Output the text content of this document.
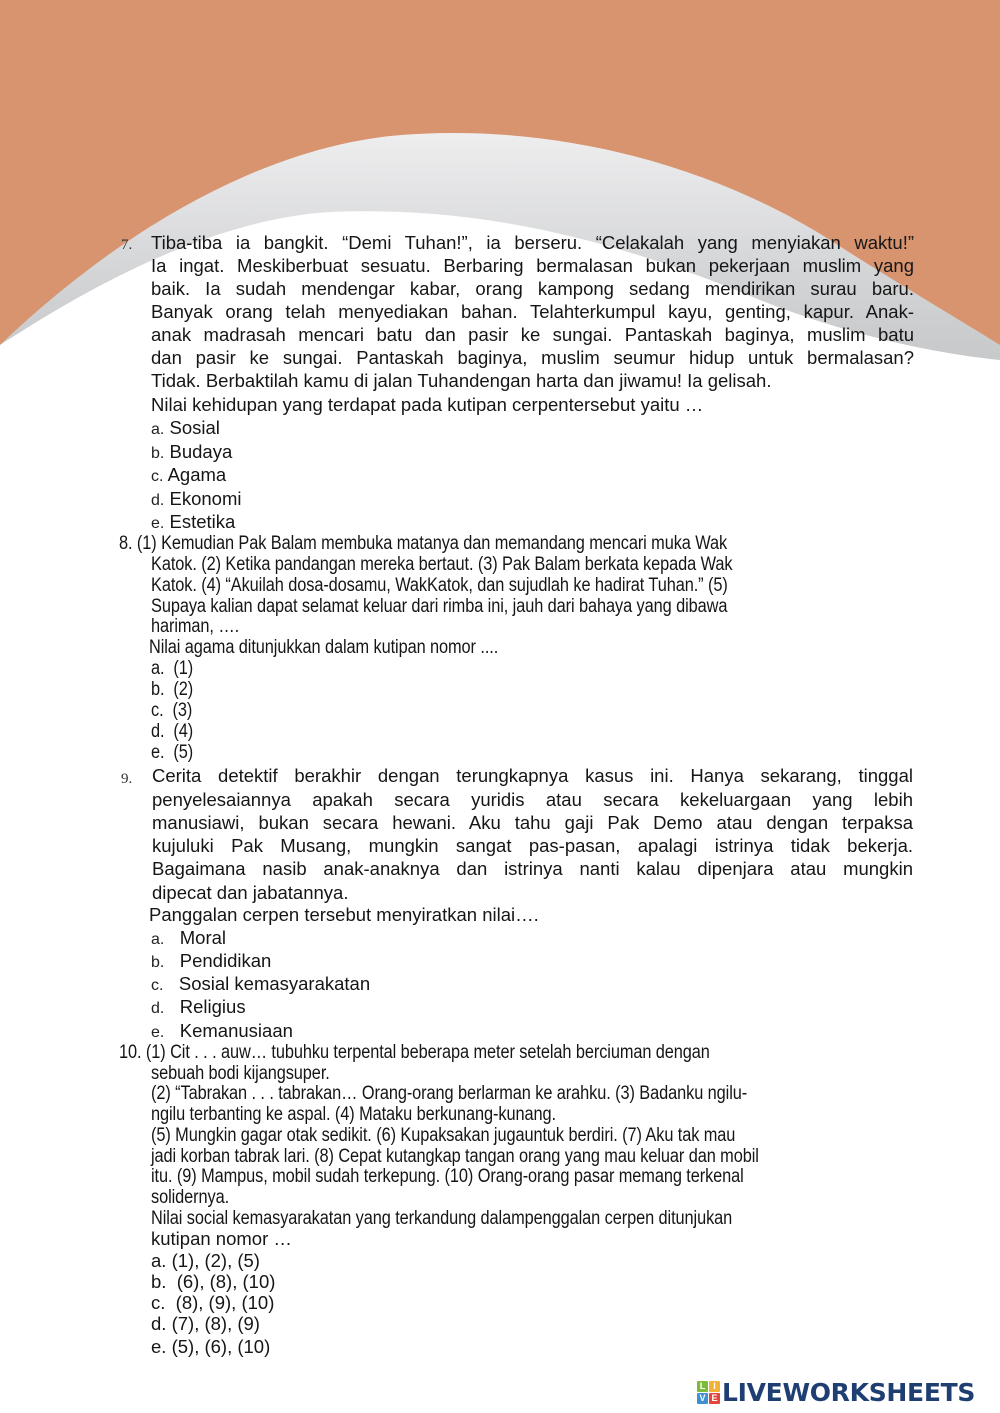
7. Tiba-tiba ia bangkit. “Demi Tuhan!”, ia berseru. “Celakalah yang menyiakan waktu!”
Ia ingat. Meskiberbuat sesuatu. Berbaring bermalasan bukan pekerjaan muslim yang
baik. Ia sudah mendengar kabar, orang kampong sedang mendirikan surau baru.
Banyak orang telah menyediakan bahan. Telahterkumpul kayu, genting, kapur. Anak-
anak madrasah mencari batu dan pasir ke sungai. Pantaskah baginya, muslim batu
dan pasir ke sungai. Pantaskah baginya, muslim seumur hidup untuk bermalasan?
Tidak. Berbaktilah kamu di jalan Tuhandengan harta dan jiwamu! Ia gelisah.
Nilai kehidupan yang terdapat pada kutipan cerpentersebut yaitu …
a. Sosial
b. Budaya
c. Agama
d. Ekonomi
e. Estetika
8. (1) Kemudian Pak Balam membuka matanya dan memandang mencari muka Wak
Katok. (2) Ketika pandangan mereka bertaut. (3) Pak Balam berkata kepada Wak
Katok. (4) “Akuilah dosa-dosamu, WakKatok, dan sujudlah ke hadirat Tuhan.” (5)
Supaya kalian dapat selamat keluar dari rimba ini, jauh dari bahaya yang dibawa
hariman, ….
Nilai agama ditunjukkan dalam kutipan nomor ....
a. (1)
b. (2)
c. (3)
d. (4)
e. (5)
9. Cerita detektif berakhir dengan terungkapnya kasus ini. Hanya sekarang, tinggal
penyelesaiannya apakah secara yuridis atau secara kekeluargaan yang lebih
manusiawi, bukan secara hewani. Aku tahu gaji Pak Demo atau dengan terpaksa
kujuluki Pak Musang, mungkin sangat pas-pasan, apalagi istrinya tidak bekerja.
Bagaimana nasib anak-anaknya dan istrinya nanti kalau dipenjara atau mungkin
dipecat dan jabatannya.
Panggalan cerpen tersebut menyiratkan nilai….
a. Moral
b. Pendidikan
c. Sosial kemasyarakatan
d. Religius
e. Kemanusiaan
10. (1) Cit . . . auw… tubuhku terpental beberapa meter setelah berciuman dengan
sebuah bodi kijangsuper.
(2) “Tabrakan . . . tabrakan… Orang-orang berlarman ke arahku. (3) Badanku ngilu-
ngilu terbanting ke aspal. (4) Mataku berkunang-kunang.
(5) Mungkin gagar otak sedikit. (6) Kupaksakan jugauntuk berdiri. (7) Aku tak mau
jadi korban tabrak lari. (8) Cepat kutangkap tangan orang yang mau keluar dan mobil
itu. (9) Mampus, mobil sudah terkepung. (10) Orang-orang pasar memang terkenal
solidernya.
Nilai social kemasyarakatan yang terkandung dalampenggalan cerpen ditunjukan
kutipan nomor …
a. (1), (2), (5)
b.  (6), (8), (10)
c.  (8), (9), (10)
d. (7), (8), (9)
e. (5), (6), (10)
L I
V E LIVEWORKSHEETS
